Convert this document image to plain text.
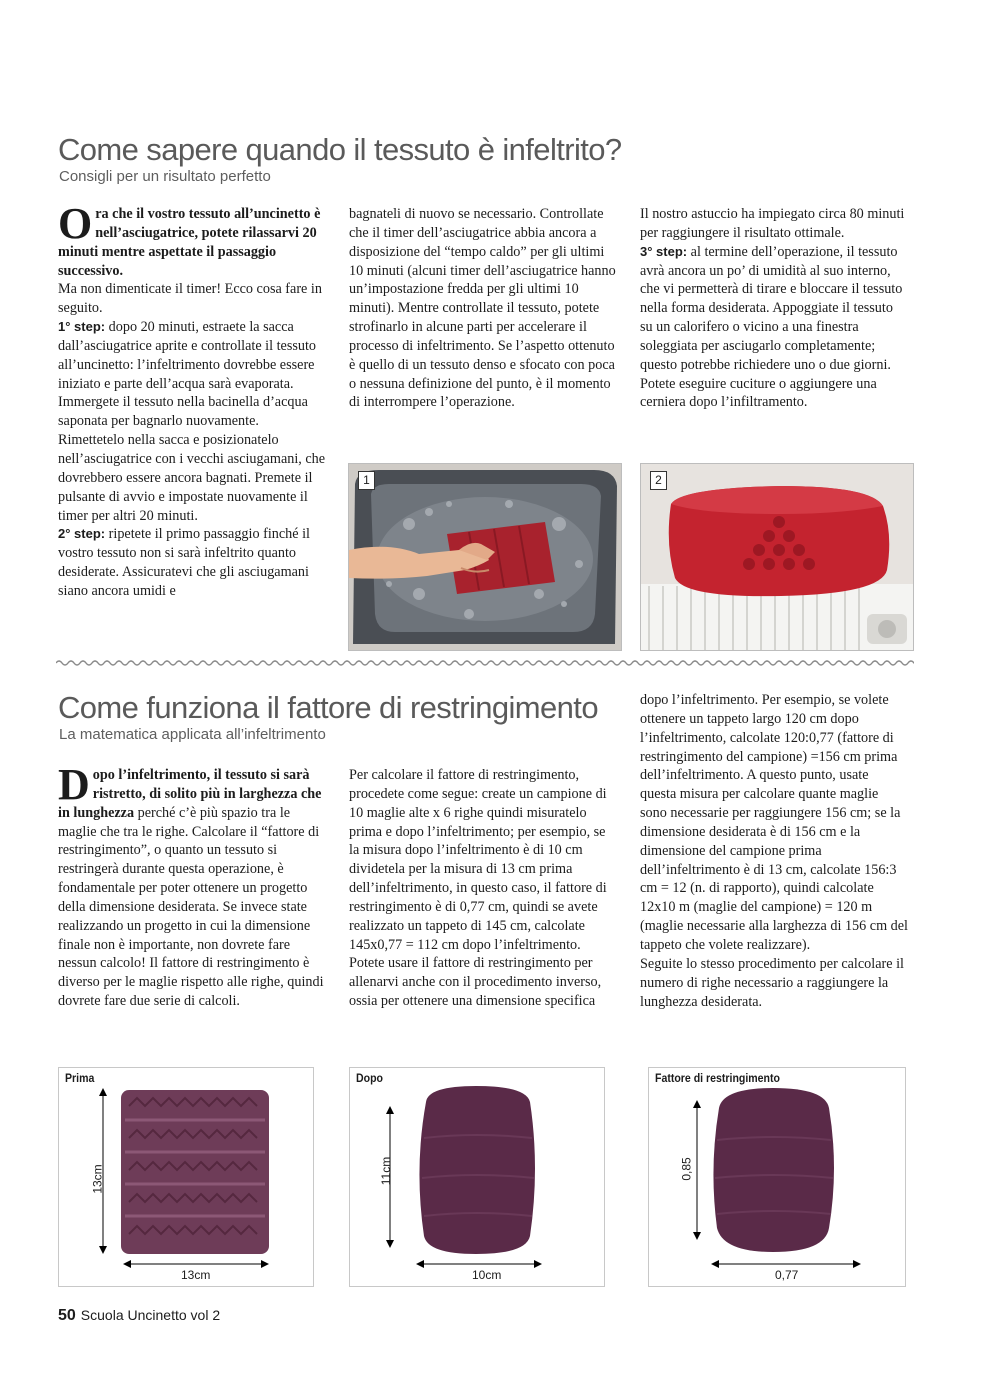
Come sapere quando il tessuto è infeltrito?
Consigli per un risultato perfetto

Ora che il vostro tessuto all’uncinetto è nell’asciugatrice, potete rilassarvi 20 minuti mentre aspettate il passaggio successivo.

Ma non dimenticate il timer! Ecco cosa fare in seguito.

1° step: dopo 20 minuti, estraete la sacca dall’asciugatrice aprite e controllate il tessuto all’uncinetto: l’infeltrimento dovrebbe essere iniziato e parte dell’acqua sarà evaporata. Immergete il tessuto nella bacinella d’acqua saponata per bagnarlo nuovamente. Rimettetelo nella sacca e posizionatelo nell’asciugatrice con i vecchi asciugamani, che dovrebbero essere ancora bagnati. Premete il pulsante di avvio e impostate nuovamente il timer per altri 20 minuti.

2° step: ripetete il primo passaggio finché il vostro tessuto non si sarà infeltrito quanto desiderate. Assicuratevi che gli asciugamani siano ancora umidi e

bagnateli di nuovo se necessario. Controllate che il timer dell’asciugatrice abbia ancora a disposizione del “tempo caldo” per gli ultimi 10 minuti (alcuni timer dell’asciugatrice hanno un’impostazione fredda per gli ultimi 10 minuti). Mentre controllate il tessuto, potete strofinarlo in alcune parti per accelerare il processo di infeltrimento. Se l’aspetto ottenuto è quello di un tessuto denso e sfocato con poca o nessuna definizione del punto, è il momento di interrompere l’operazione.

Il nostro astuccio ha impiegato circa 80 minuti per raggiungere il risultato ottimale.

3° step: al termine dell’operazione, il tessuto avrà ancora un po’ di umidità al suo interno, che vi permetterà di tirare e bloccare il tessuto nella forma desiderata. Appoggiate il tessuto su un calorifero o vicino a una finestra soleggiata per asciugarlo completamente; questo potrebbe richiedere uno o due giorni. Potete eseguire cuciture o aggiungere una cerniera dopo l’infiltramento.

1	2
Come funziona il fattore di restringimento
La matematica applicata all’infeltrimento

Dopo l’infeltrimento, il tessuto si sarà ristretto, di solito più in larghezza che in lunghezza perché c’è più spazio tra le maglie che tra le righe. Calcolare il “fattore di restringimento”, o quanto un tessuto si restringerà durante questa operazione, è fondamentale per poter ottenere un progetto della dimensione desiderata. Se invece state realizzando un progetto in cui la dimensione finale non è importante, non dovrete fare nessun calcolo! Il fattore di restringimento è diverso per le maglie rispetto alle righe, quindi dovrete fare due serie di calcoli.

Per calcolare il fattore di restringimento, procedete come segue: create un campione di 10 maglie alte x 6 righe quindi misuratelo prima e dopo l’infeltrimento; per esempio, se la misura dopo l’infeltrimento è di 10 cm dividetela per la misura di 13 cm prima dell’infeltrimento, in questo caso, il fattore di restringimento è di 0,77 cm, quindi se avete realizzato un tappeto di 145 cm, calcolate 145x0,77 = 112 cm dopo l’infeltrimento. Potete usare il fattore di restringimento per allenarvi anche con il procedimento inverso, ossia per ottenere una dimensione specifica

dopo l’infeltrimento. Per esempio, se volete ottenere un tappeto largo 120 cm dopo l’infeltrimento, calcolate 120:0,77 (fattore di restringimento del campione) =156 cm prima dell’infeltrimento. A questo punto, usate questa misura per calcolare quante maglie sono necessarie per raggiungere 156 cm; se la dimensione desiderata è di 156 cm e la dimensione del campione prima dell’infeltrimento è di 13 cm, calcolate 156:3 cm = 12 (n. di rapporto), quindi calcolate 12x10 m (maglie del campione) = 120 m (maglie necessarie alla larghezza di 156 cm del tappeto che volete realizzare).

Seguite lo stesso procedimento per calcolare il numero di righe necessario a raggiungere la lunghezza desiderata.

Prima
13cm
13cm
Dopo
11cm
10cm
Fattore di restringimento
0,85
0,77
50 Scuola Uncinetto vol 2
